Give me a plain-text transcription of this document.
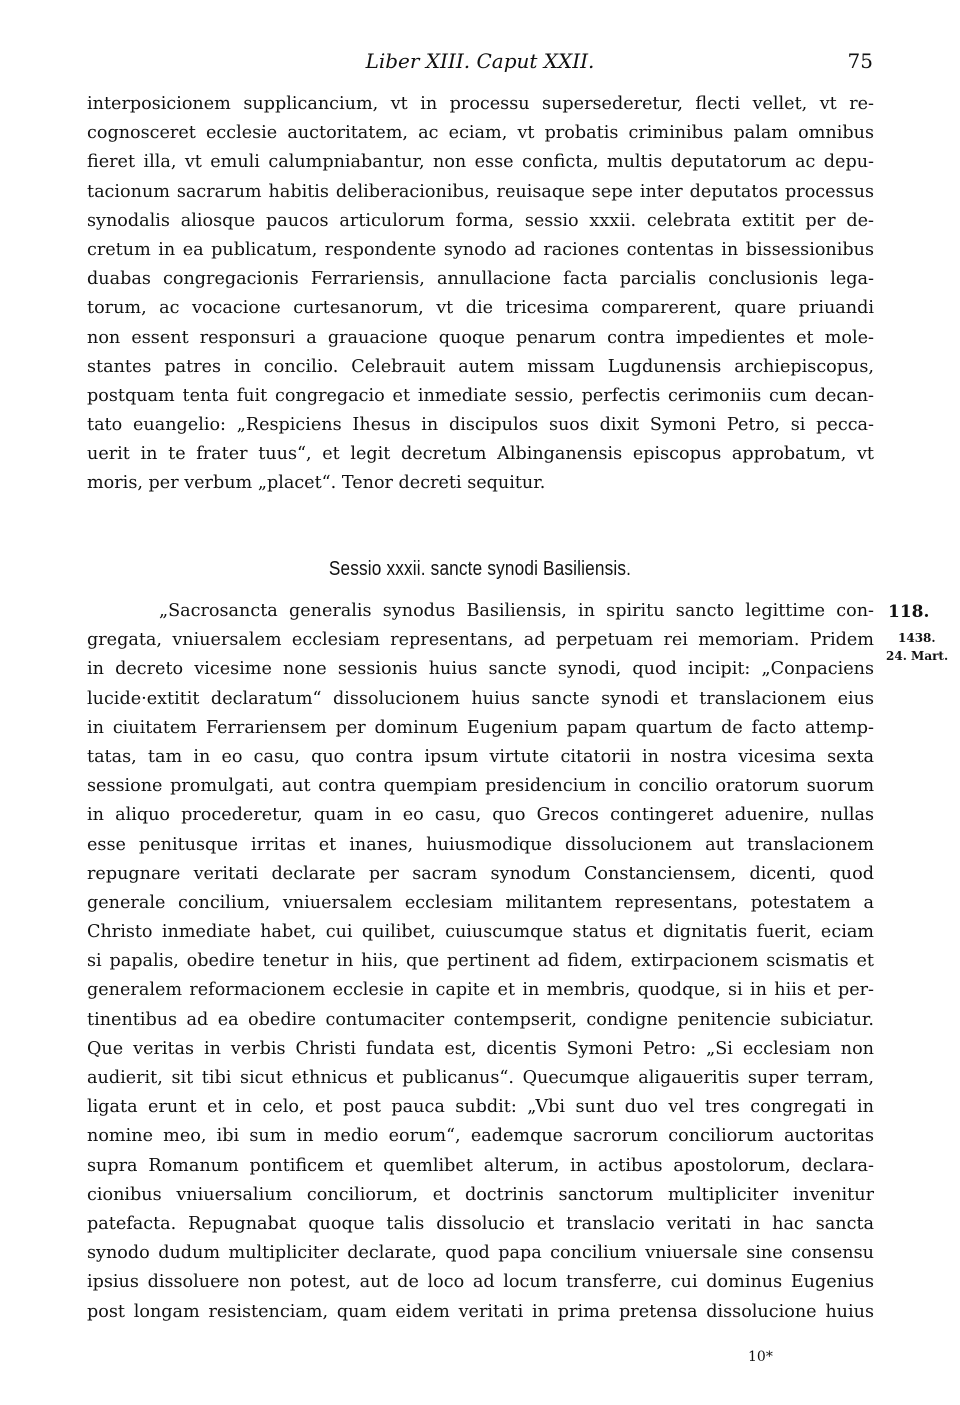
Liber XIII. Caput XXII.	75
interposicionem supplicancium, vt in processu supersederetur, flecti vellet, vt re-
cognosceret ecclesie auctoritatem, ac eciam, vt probatis criminibus palam omnibus
fieret illa, vt emuli calumpniabantur, non esse conficta, multis deputatorum ac depu-
tacionum sacrarum habitis deliberacionibus, reuisaque sepe inter deputatos processus
synodalis aliosque paucos articulorum forma, sessio xxxii. celebrata extitit per de-
cretum in ea publicatum, respondente synodo ad raciones contentas in bissessionibus
duabas congregacionis Ferrariensis, annullacione facta parcialis conclusionis lega-
torum, ac vocacione curtesanorum, vt die tricesima comparerent, quare priuandi
non essent responsuri a grauacione quoque penarum contra impedientes et mole-
stantes patres in concilio. Celebrauit autem missam Lugdunensis archiepiscopus,
postquam tenta fuit congregacio et inmediate sessio, perfectis cerimoniis cum decan-
tato euangelio: „Respiciens Ihesus in discipulos suos dixit Symoni Petro, si pecca-
uerit in te frater tuus“, et legit decretum Albinganensis episcopus approbatum, vt
moris, per verbum „placet“. Tenor decreti sequitur.
Sessio xxxii. sancte synodi Basiliensis.
118.
1438.
24. Mart.
„Sacrosancta generalis synodus Basiliensis, in spiritu sancto legittime con-
gregata, vniuersalem ecclesiam representans, ad perpetuam rei memoriam. Pridem
in decreto vicesime none sessionis huius sancte synodi, quod incipit: „Conpaciens
lucide·extitit declaratum“ dissolucionem huius sancte synodi et translacionem eius
in ciuitatem Ferrariensem per dominum Eugenium papam quartum de facto attemp-
tatas, tam in eo casu, quo contra ipsum virtute citatorii in nostra vicesima sexta
sessione promulgati, aut contra quempiam presidencium in concilio oratorum suorum
in aliquo procederetur, quam in eo casu, quo Grecos contingeret aduenire, nullas
esse penitusque irritas et inanes, huiusmodique dissolucionem aut translacionem
repugnare veritati declarate per sacram synodum Constanciensem, dicenti, quod
generale concilium, vniuersalem ecclesiam militantem representans, potestatem a
Christo inmediate habet, cui quilibet, cuiuscumque status et dignitatis fuerit, eciam
si papalis, obedire tenetur in hiis, que pertinent ad fidem, extirpacionem scismatis et
generalem reformacionem ecclesie in capite et in membris, quodque, si in hiis et per-
tinentibus ad ea obedire contumaciter contempserit, condigne penitencie subiciatur.
Que veritas in verbis Christi fundata est, dicentis Symoni Petro: „Si ecclesiam non
audierit, sit tibi sicut ethnicus et publicanus“. Quecumque aligaueritis super terram,
ligata erunt et in celo, et post pauca subdit: „Vbi sunt duo vel tres congregati in
nomine meo, ibi sum in medio eorum“, eademque sacrorum conciliorum auctoritas
supra Romanum pontificem et quemlibet alterum, in actibus apostolorum, declara-
cionibus vniuersalium conciliorum, et doctrinis sanctorum multipliciter invenitur
patefacta. Repugnabat quoque talis dissolucio et translacio veritati in hac sancta
synodo dudum multipliciter declarate, quod papa concilium vniuersale sine consensu
ipsius dissoluere non potest, aut de loco ad locum transferre, cui dominus Eugenius
post longam resistenciam, quam eidem veritati in prima pretensa dissolucione huius
10*
